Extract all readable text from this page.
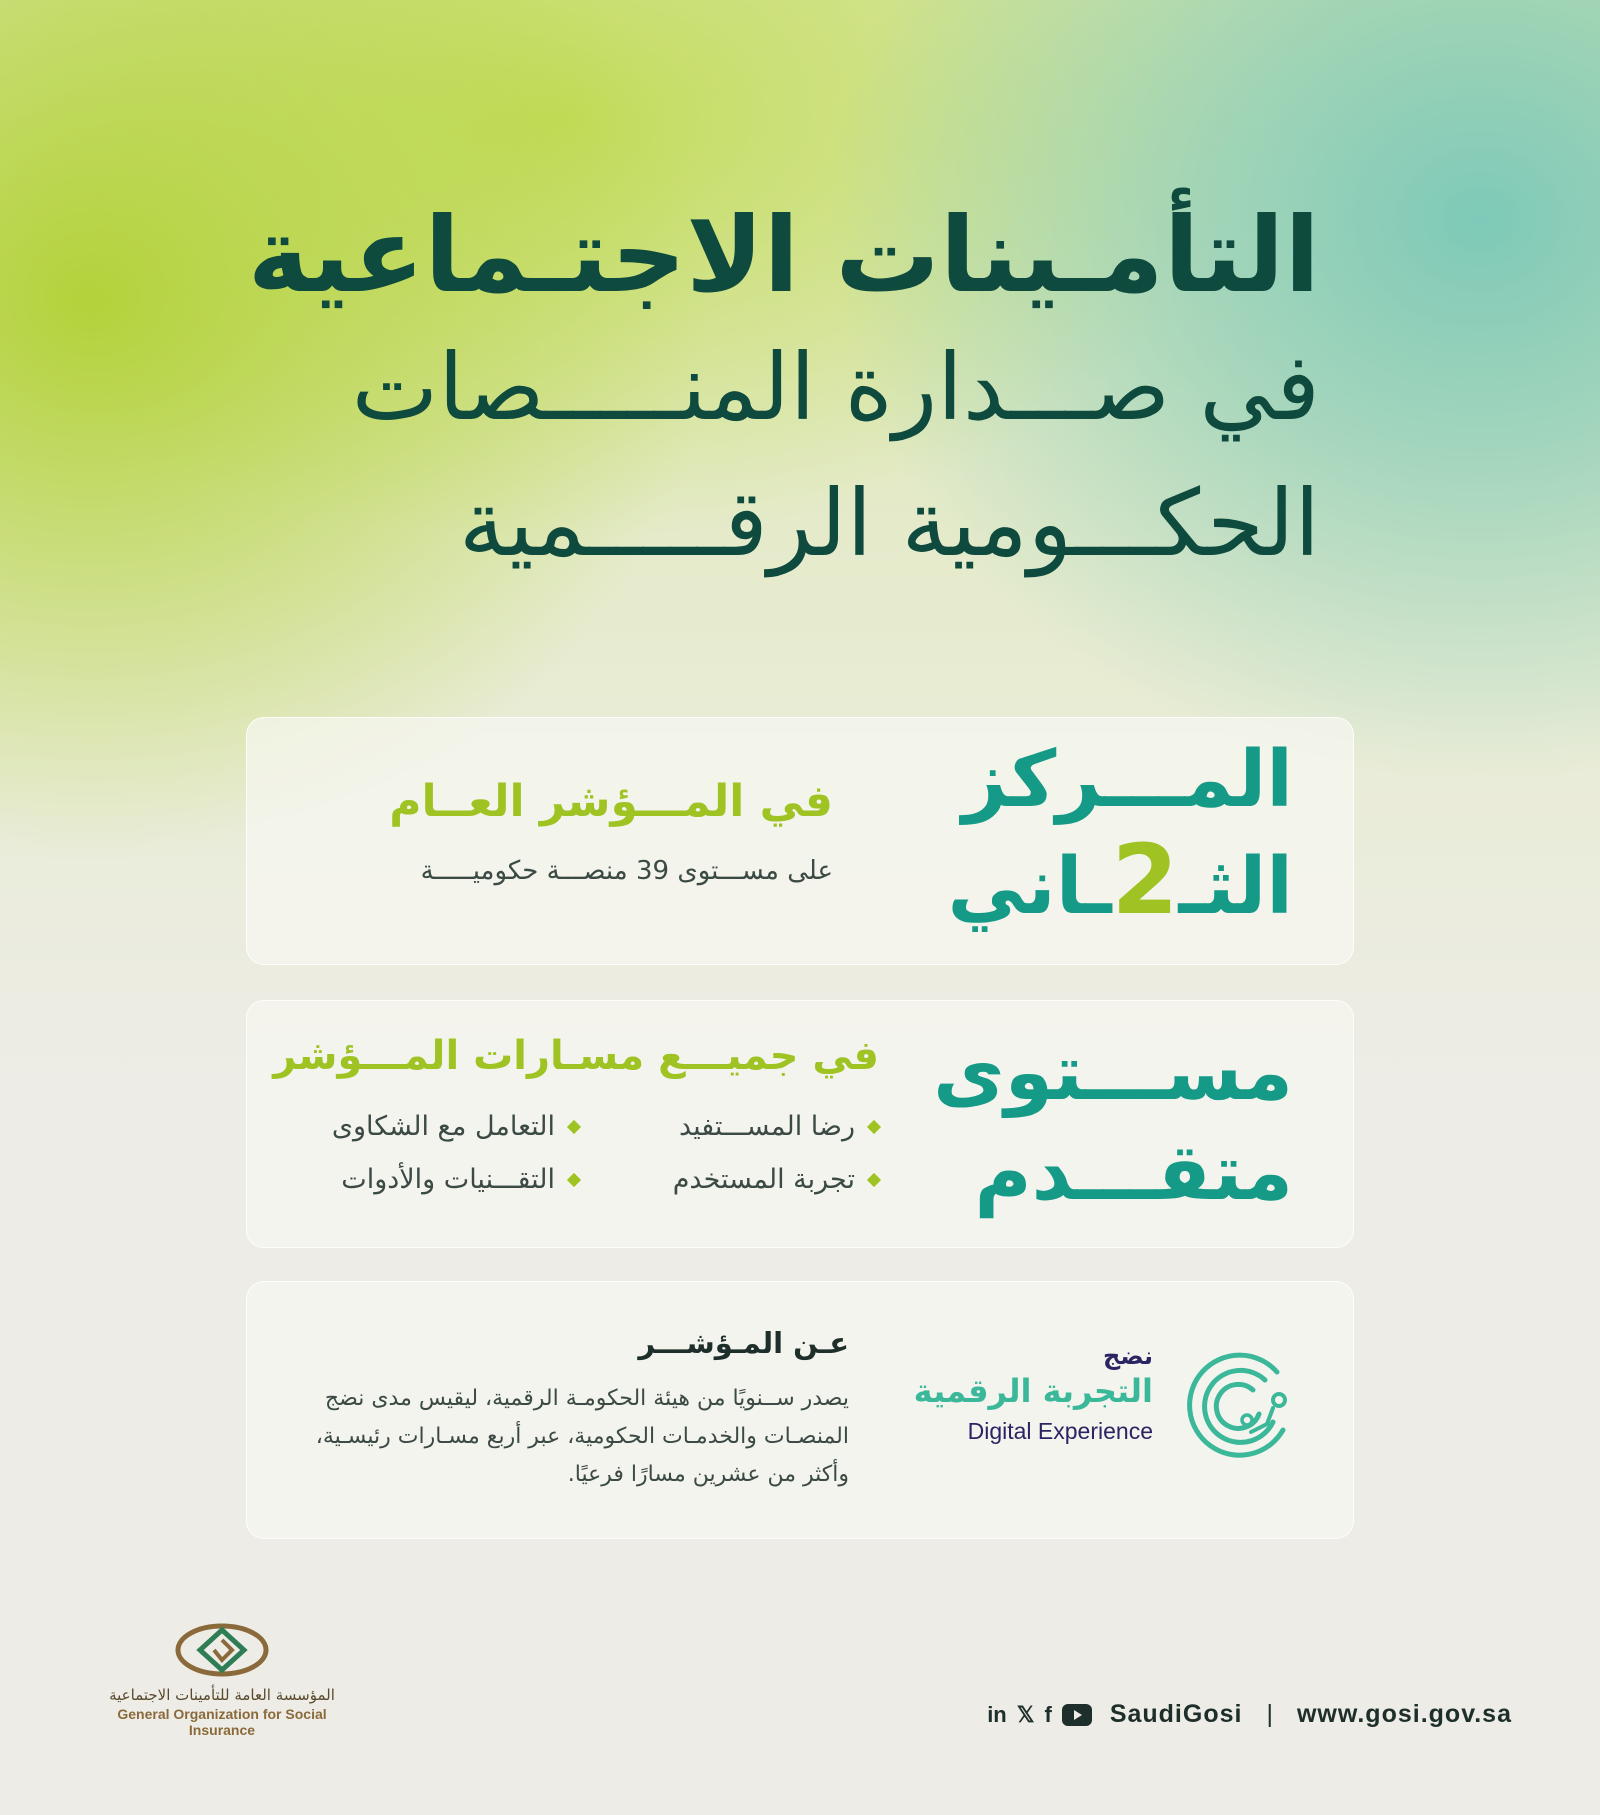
التأمـينات الاجتـماعية
في صـــدارة المنـــــصات
الحكـــومية الرقـــــمية
المـــركز
الثـ2ـاني
في المـــؤشر العــام
على مســـتوى 39 منصـــة حكوميـــــة
مســـتوى
متقـــدم
في جميـــع مسـارات المـــؤشر
رضا المســـتفيد
التعامل مع الشكاوى
تجربة المستخدم
التقـــنيات والأدوات
عـن المـؤشـــر
يصدر ســنويًا من هيئة الحكومـة الرقمية، ليقيس مدى نضج المنصـات والخدمـات الحكومية، عبر أربع مسـارات رئيسـية، وأكثر من عشرين مسارًا فرعيًا.
نضج
التجربة الرقمية
Digital Experience
المؤسسة العامة للتأمينات الاجتماعية
General Organization for Social Insurance
in 𝕏 f SaudiGosi | www.gosi.gov.sa
